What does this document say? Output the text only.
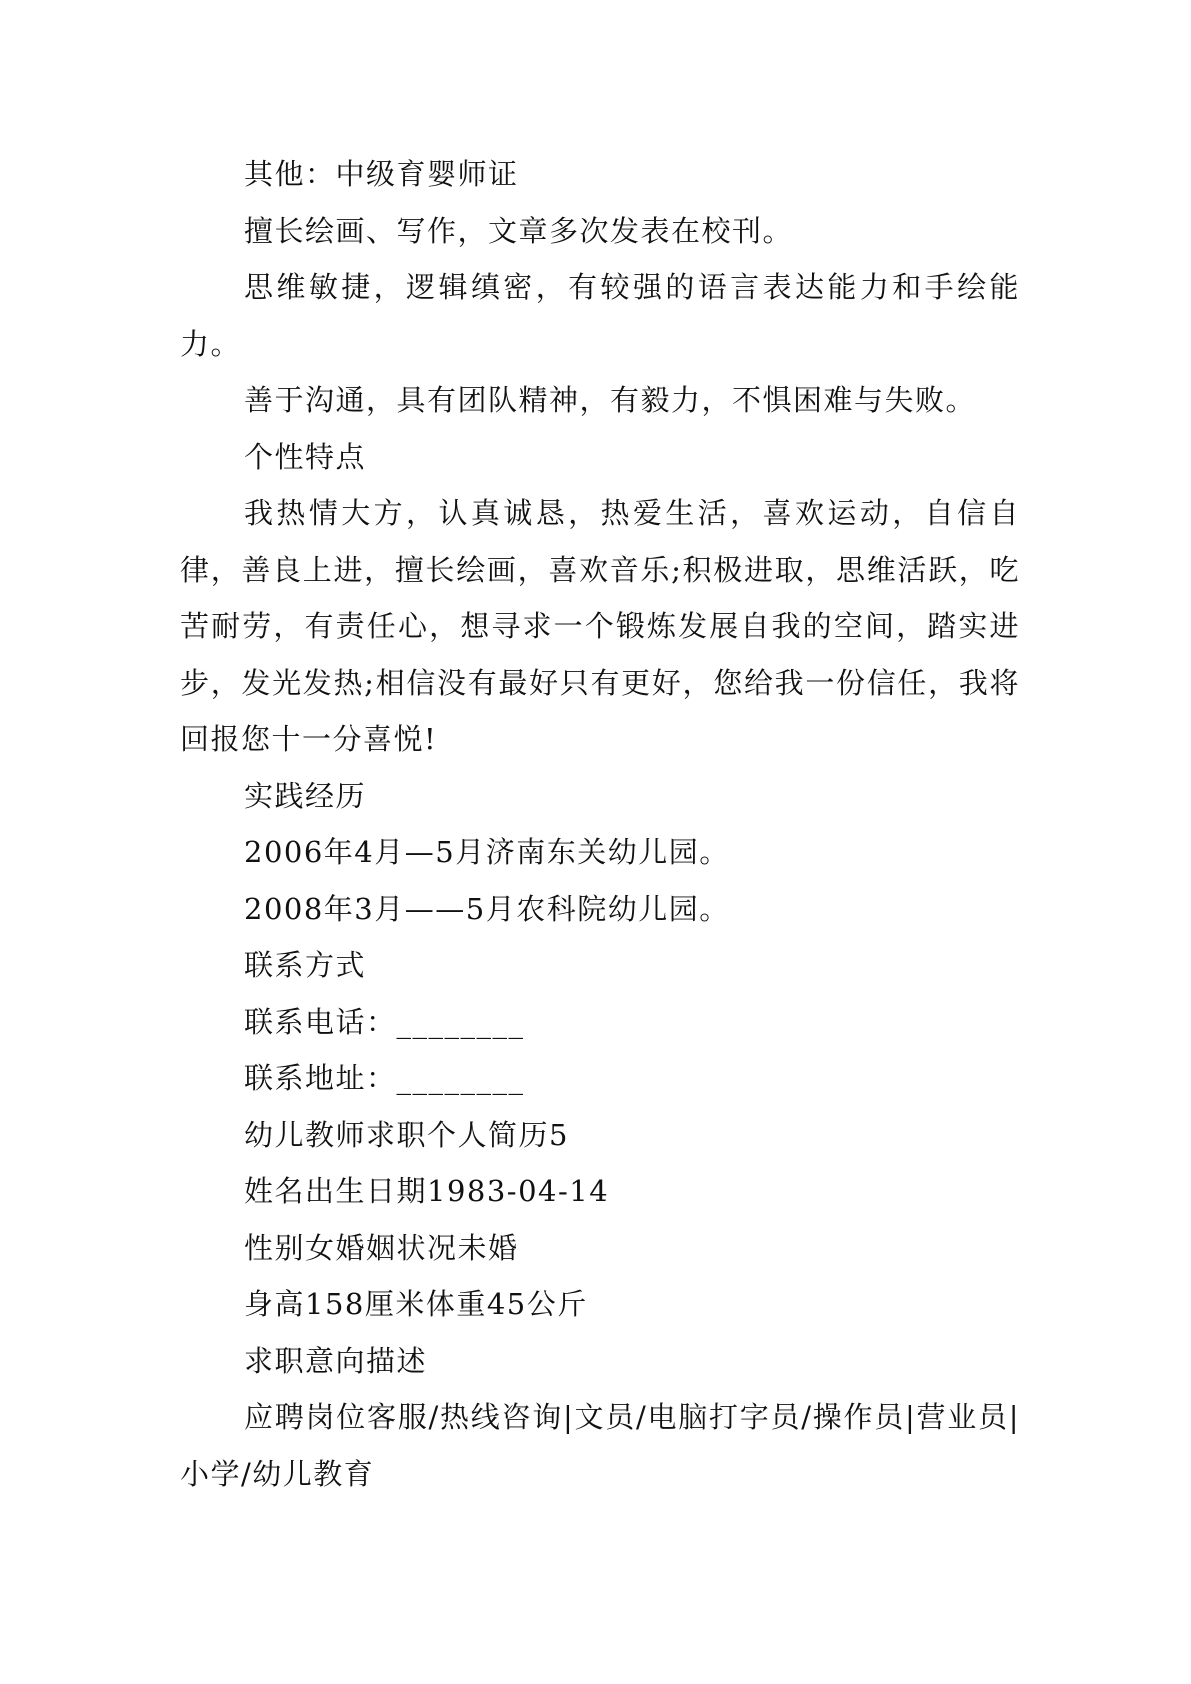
其他：中级育婴师证

擅长绘画、写作，文章多次发表在校刊。

思维敏捷，逻辑缜密，有较强的语言表达能力和手绘能力。

善于沟通，具有团队精神，有毅力，不惧困难与失败。

个性特点

我热情大方，认真诚恳，热爱生活，喜欢运动，自信自律，善良上进，擅长绘画，喜欢音乐;积极进取，思维活跃，吃苦耐劳，有责任心，想寻求一个锻炼发展自我的空间，踏实进步，发光发热;相信没有最好只有更好，您给我一份信任，我将回报您十一分喜悦!

实践经历

2006年4月—5月济南东关幼儿园。

2008年3月——5月农科院幼儿园。

联系方式

联系电话：________

联系地址：________

幼儿教师求职个人简历5

姓名出生日期1983-04-14

性别女婚姻状况未婚

身高158厘米体重45公斤

求职意向描述

应聘岗位客服/热线咨询|文员/电脑打字员/操作员|营业员|小学/幼儿教育
